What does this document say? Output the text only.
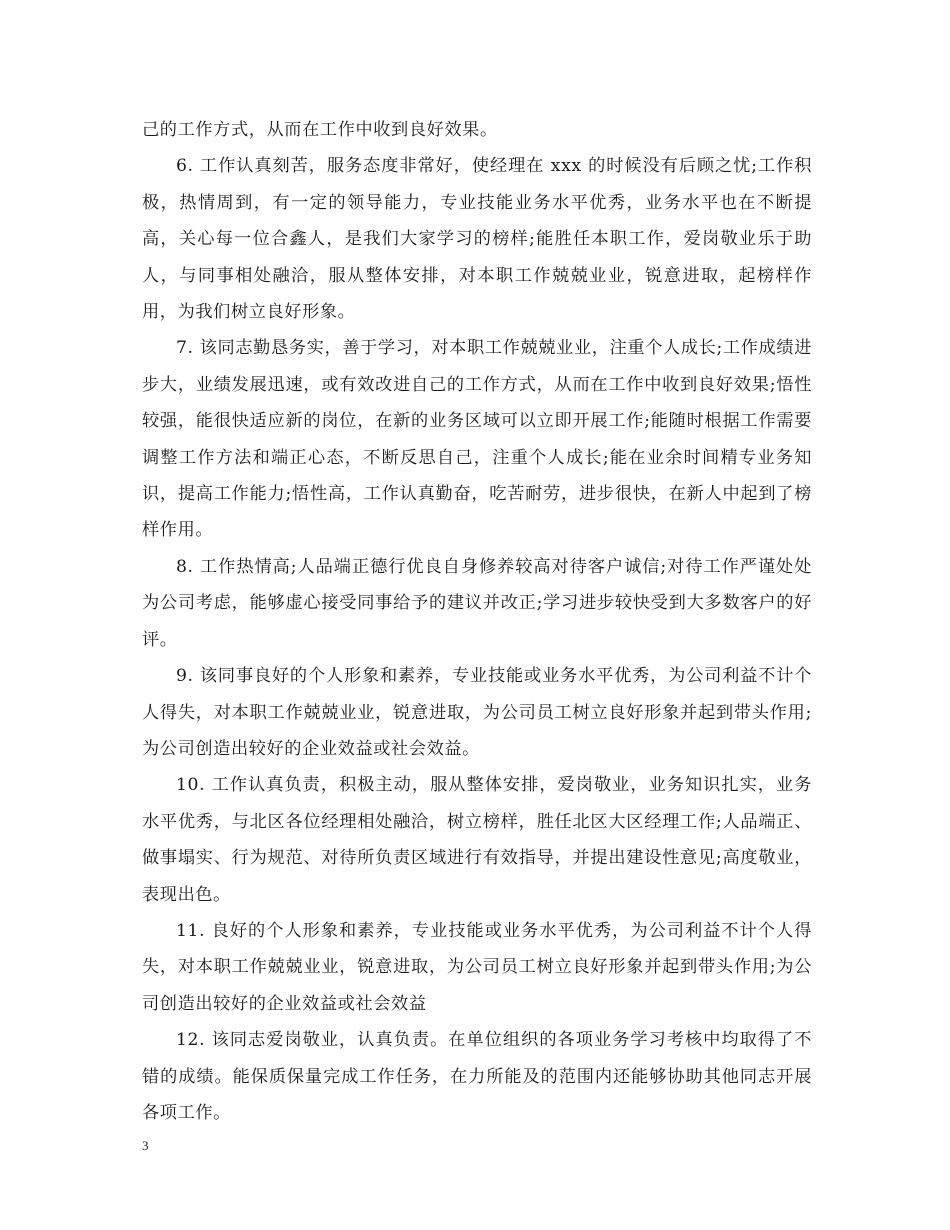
己的工作方式，从而在工作中收到良好效果。

6. 工作认真刻苦，服务态度非常好，使经理在 xxx 的时候没有后顾之忧;工作积极，热情周到，有一定的领导能力，专业技能业务水平优秀，业务水平也在不断提高，关心每一位合鑫人，是我们大家学习的榜样;能胜任本职工作，爱岗敬业乐于助人，与同事相处融洽，服从整体安排，对本职工作兢兢业业，锐意进取，起榜样作用，为我们树立良好形象。

7. 该同志勤恳务实，善于学习，对本职工作兢兢业业，注重个人成长;工作成绩进步大，业绩发展迅速，或有效改进自己的工作方式，从而在工作中收到良好效果;悟性较强，能很快适应新的岗位，在新的业务区域可以立即开展工作;能随时根据工作需要调整工作方法和端正心态，不断反思自己，注重个人成长;能在业余时间精专业务知识，提高工作能力;悟性高，工作认真勤奋，吃苦耐劳，进步很快，在新人中起到了榜样作用。

8. 工作热情高;人品端正德行优良自身修养较高对待客户诚信;对待工作严谨处处为公司考虑，能够虚心接受同事给予的建议并改正;学习进步较快受到大多数客户的好评。

9. 该同事良好的个人形象和素养，专业技能或业务水平优秀，为公司利益不计个人得失，对本职工作兢兢业业，锐意进取，为公司员工树立良好形象并起到带头作用;为公司创造出较好的企业效益或社会效益。

10. 工作认真负责，积极主动，服从整体安排，爱岗敬业，业务知识扎实，业务水平优秀，与北区各位经理相处融洽，树立榜样，胜任北区大区经理工作;人品端正、做事塌实、行为规范、对待所负责区域进行有效指导，并提出建设性意见;高度敬业，表现出色。

11. 良好的个人形象和素养，专业技能或业务水平优秀，为公司利益不计个人得失，对本职工作兢兢业业，锐意进取，为公司员工树立良好形象并起到带头作用;为公司创造出较好的企业效益或社会效益

12. 该同志爱岗敬业，认真负责。在单位组织的各项业务学习考核中均取得了不错的成绩。能保质保量完成工作任务，在力所能及的范围内还能够协助其他同志开展各项工作。

3
